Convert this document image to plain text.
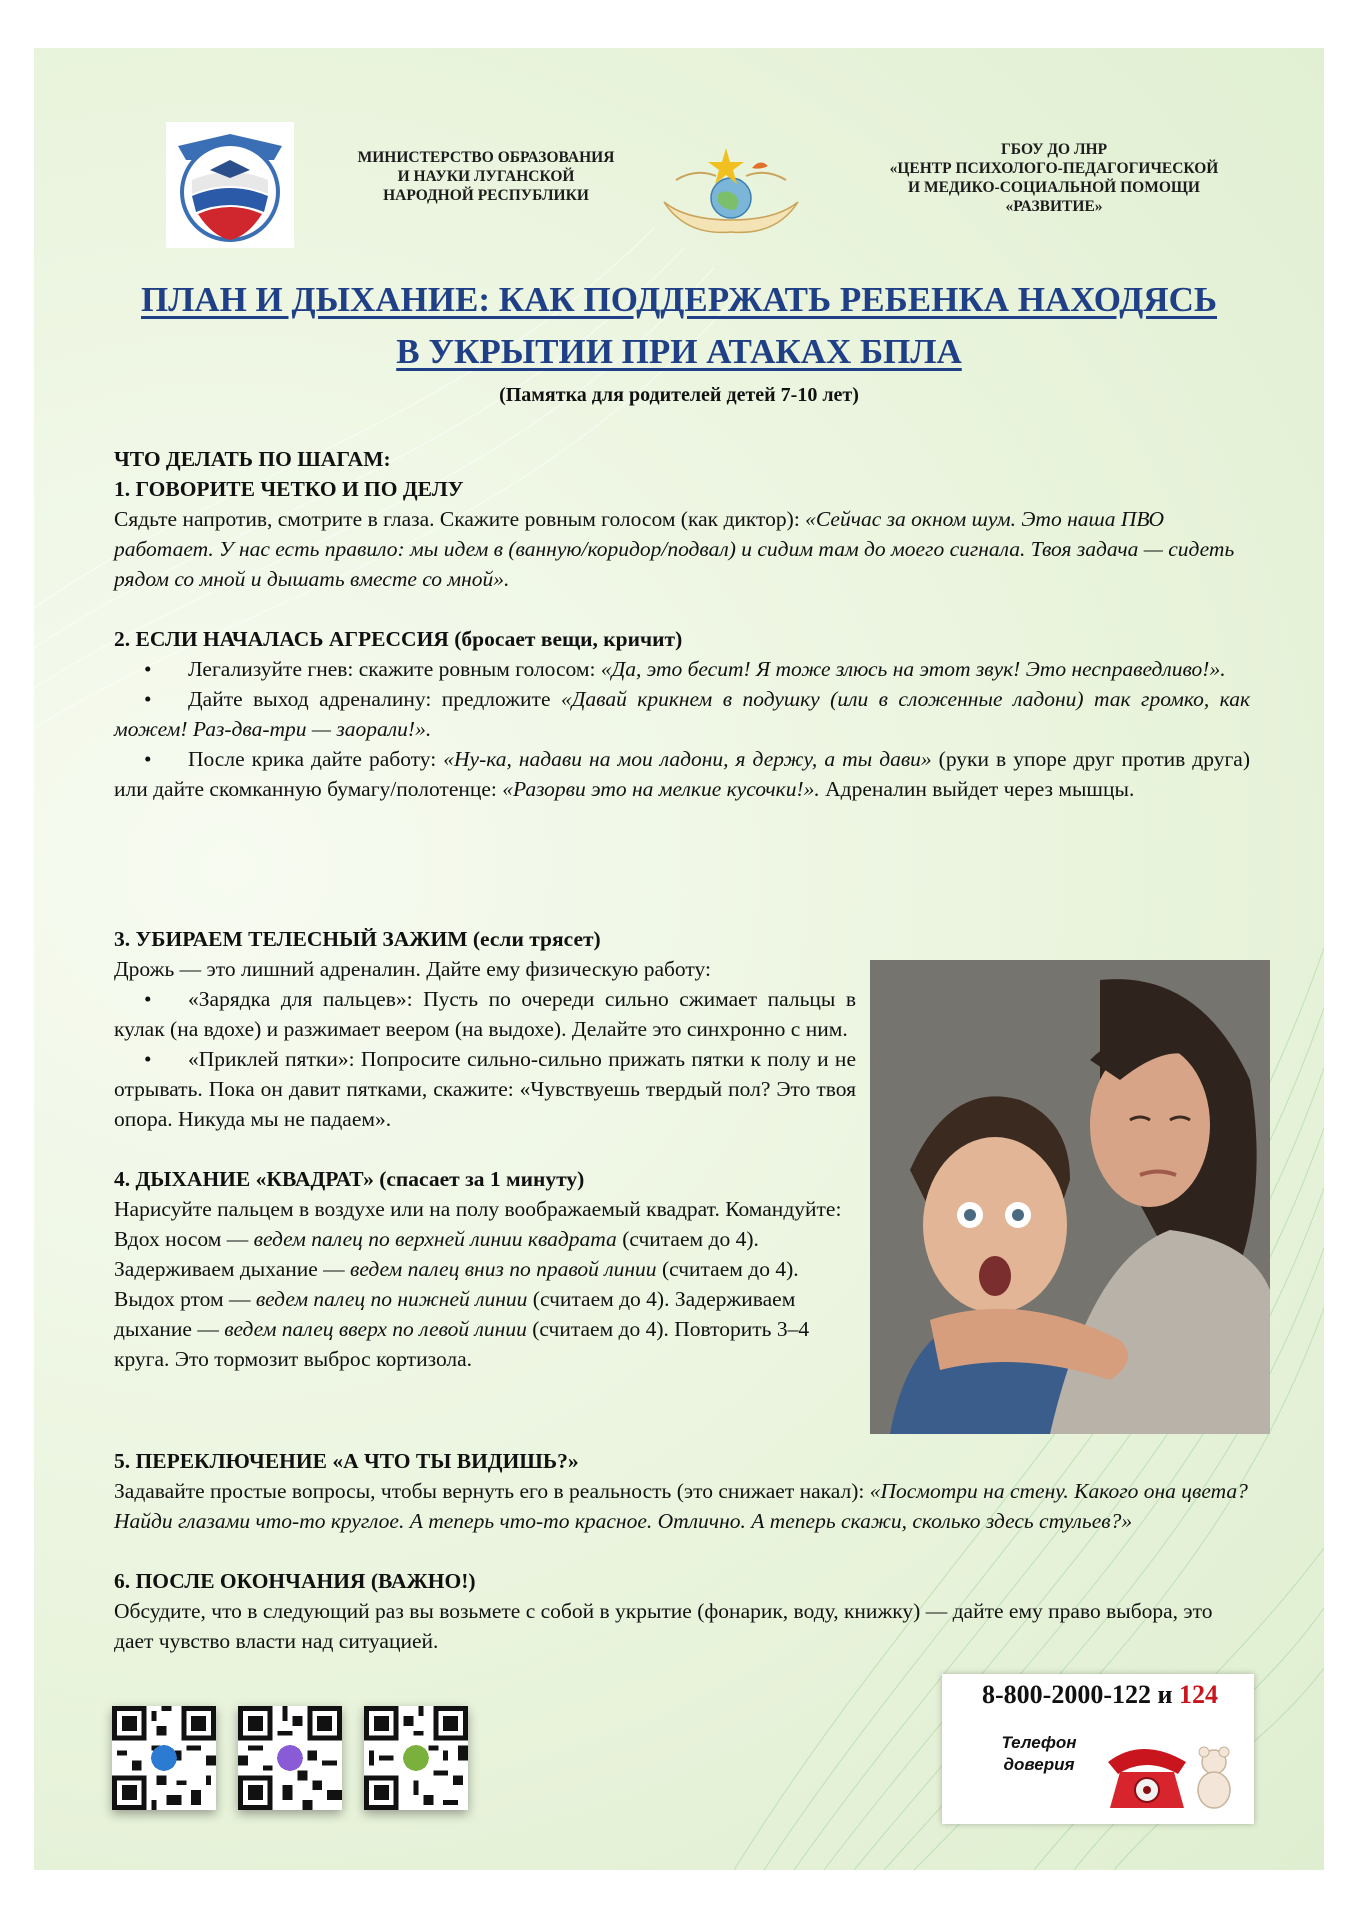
МИНИСТЕРСТВО ОБРАЗОВАНИЯ
И НАУКИ ЛУГАНСКОЙ
НАРОДНОЙ РЕСПУБЛИКИ
ГБОУ ДО ЛНР
«ЦЕНТР ПСИХОЛОГО-ПЕДАГОГИЧЕСКОЙ
И МЕДИКО-СОЦИАЛЬНОЙ ПОМОЩИ
«РАЗВИТИЕ»
ПЛАН И ДЫХАНИЕ: КАК ПОДДЕРЖАТЬ РЕБЕНКА НАХОДЯСЬ
В УКРЫТИИ ПРИ АТАКАХ БПЛА
(Памятка для родителей детей 7-10 лет)

ЧТО ДЕЛАТЬ ПО ШАГАМ:

1. ГОВОРИТЕ ЧЕТКО И ПО ДЕЛУ

Сядьте напротив, смотрите в глаза. Скажите ровным голосом (как диктор): «Сейчас за окном шум. Это наша ПВО работает. У нас есть правило: мы идем в (ванную/коридор/подвал) и сидим там до моего сигнала. Твоя задача — сидеть рядом со мной и дышать вместе со мной».

2. ЕСЛИ НАЧАЛАСЬ АГРЕССИЯ (бросает вещи, кричит)

• Легализуйте гнев: скажите ровным голосом: «Да, это бесит! Я тоже злюсь на этот звук! Это несправедливо!».

• Дайте выход адреналину: предложите «Давай крикнем в подушку (или в сложенные ладони) так громко, как можем! Раз-два-три — заорали!».

• После крика дайте работу: «Ну-ка, надави на мои ладони, я держу, а ты дави» (руки в упоре друг против друга) или дайте скомканную бумагу/полотенце: «Разорви это на мелкие кусочки!». Адреналин выйдет через мышцы.

3. УБИРАЕМ ТЕЛЕСНЫЙ ЗАЖИМ (если трясет)

Дрожь — это лишний адреналин. Дайте ему физическую работу:

• «Зарядка для пальцев»: Пусть по очереди сильно сжимает пальцы в кулак (на вдохе) и разжимает веером (на выдохе). Делайте это синхронно с ним.

• «Приклей пятки»: Попросите сильно-сильно прижать пятки к полу и не отрывать. Пока он давит пятками, скажите: «Чувствуешь твердый пол? Это твоя опора. Никуда мы не падаем».

4. ДЫХАНИЕ «КВАДРАТ» (спасает за 1 минуту)

Нарисуйте пальцем в воздухе или на полу воображаемый квадрат. Командуйте: Вдох носом — ведем палец по верхней линии квадрата (считаем до 4). Задерживаем дыхание — ведем палец вниз по правой линии (считаем до 4). Выдох ртом — ведем палец по нижней линии (считаем до 4). Задерживаем дыхание — ведем палец вверх по левой линии (считаем до 4). Повторить 3–4 круга. Это тормозит выброс кортизола.

5. ПЕРЕКЛЮЧЕНИЕ «А ЧТО ТЫ ВИДИШЬ?»

Задавайте простые вопросы, чтобы вернуть его в реальность (это снижает накал): «Посмотри на стену. Какого она цвета? Найди глазами что-то круглое. А теперь что-то красное. Отлично. А теперь скажи, сколько здесь стульев?»

6. ПОСЛЕ ОКОНЧАНИЯ (ВАЖНО!)

Обсудите, что в следующий раз вы возьмете с собой в укрытие (фонарик, воду, книжку) — дайте ему право выбора, это дает чувство власти над ситуацией.

8-800-2000-122 и 124
Телефон
доверия
